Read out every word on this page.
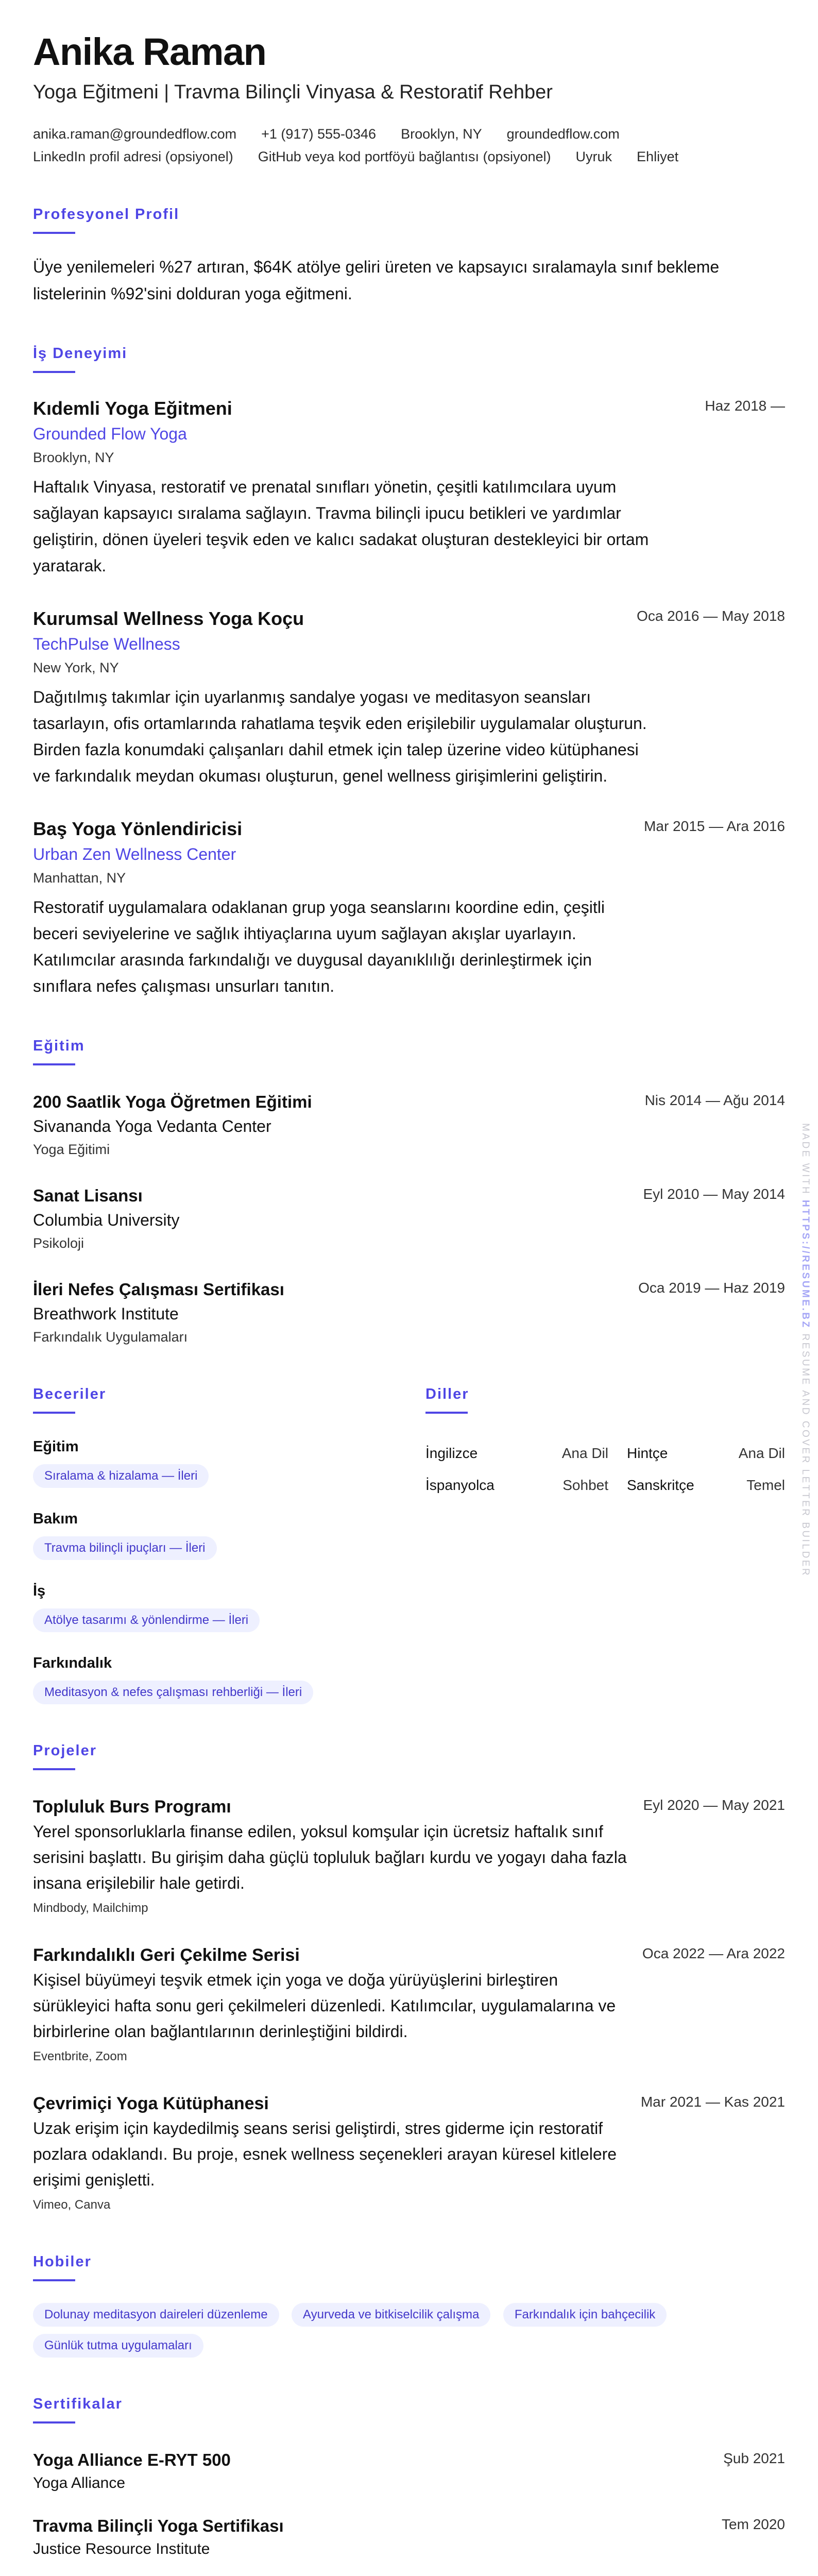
Anika Raman
Yoga Eğitmeni | Travma Bilinçli Vinyasa & Restoratif Rehber
anika.raman@groundedflow.com +1 (917) 555-0346 Brooklyn, NY groundedflow.com
LinkedIn profil adresi (opsiyonel) GitHub veya kod portföyü bağlantısı (opsiyonel) Uyruk Ehliyet
Profesyonel Profil
Üye yenilemeleri %27 artıran, $64K atölye geliri üreten ve kapsayıcı sıralamayla sınıf bekleme listelerinin %92'sini dolduran yoga eğitmeni.
İş Deneyimi
Kıdemli Yoga Eğitmeni	Haz 2018 —
Grounded Flow Yoga
Brooklyn, NY
Haftalık Vinyasa, restoratif ve prenatal sınıfları yönetin, çeşitli katılımcılara uyum sağlayan kapsayıcı sıralama sağlayın. Travma bilinçli ipucu betikleri ve yardımlar geliştirin, dönen üyeleri teşvik eden ve kalıcı sadakat oluşturan destekleyici bir ortam yaratarak.
Kurumsal Wellness Yoga Koçu	Oca 2016 — May 2018
TechPulse Wellness
New York, NY
Dağıtılmış takımlar için uyarlanmış sandalye yogası ve meditasyon seansları tasarlayın, ofis ortamlarında rahatlama teşvik eden erişilebilir uygulamalar oluşturun. Birden fazla konumdaki çalışanları dahil etmek için talep üzerine video kütüphanesi ve farkındalık meydan okuması oluşturun, genel wellness girişimlerini geliştirin.
Baş Yoga Yönlendiricisi	Mar 2015 — Ara 2016
Urban Zen Wellness Center
Manhattan, NY
Restoratif uygulamalara odaklanan grup yoga seanslarını koordine edin, çeşitli beceri seviyelerine ve sağlık ihtiyaçlarına uyum sağlayan akışlar uyarlayın. Katılımcılar arasında farkındalığı ve duygusal dayanıklılığı derinleştirmek için sınıflara nefes çalışması unsurları tanıtın.
Eğitim
200 Saatlik Yoga Öğretmen Eğitimi	Nis 2014 — Ağu 2014
Sivananda Yoga Vedanta Center
Yoga Eğitimi
Sanat Lisansı	Eyl 2010 — May 2014
Columbia University
Psikoloji
İleri Nefes Çalışması Sertifikası	Oca 2019 — Haz 2019
Breathwork Institute
Farkındalık Uygulamaları
Beceriler
Eğitim
Sıralama & hizalama — İleri
Bakım
Travma bilinçli ipuçları — İleri
İş
Atölye tasarımı & yönlendirme — İleri
Farkındalık
Meditasyon & nefes çalışması rehberliği — İleri
Diller
İngilizce	Ana Dil	Hintçe	Ana Dil
İspanyolca	Sohbet	Sanskritçe	Temel
Projeler
Topluluk Burs Programı	Eyl 2020 — May 2021
Yerel sponsorluklarla finanse edilen, yoksul komşular için ücretsiz haftalık sınıf serisini başlattı. Bu girişim daha güçlü topluluk bağları kurdu ve yogayı daha fazla insana erişilebilir hale getirdi.
Mindbody, Mailchimp
Farkındalıklı Geri Çekilme Serisi	Oca 2022 — Ara 2022
Kişisel büyümeyi teşvik etmek için yoga ve doğa yürüyüşlerini birleştiren sürükleyici hafta sonu geri çekilmeleri düzenledi. Katılımcılar, uygulamalarına ve birbirlerine olan bağlantılarının derinleştiğini bildirdi.
Eventbrite, Zoom
Çevrimiçi Yoga Kütüphanesi	Mar 2021 — Kas 2021
Uzak erişim için kaydedilmiş seans serisi geliştirdi, stres giderme için restoratif pozlara odaklandı. Bu proje, esnek wellness seçenekleri arayan küresel kitlelere erişimi genişletti.
Vimeo, Canva
Hobiler
Dolunay meditasyon daireleri düzenleme	Ayurveda ve bitkiselcilik çalışma	Farkındalık için bahçecilik Günlük tutma uygulamaları
Sertifikalar
Yoga Alliance E-RYT 500	Şub 2021
Yoga Alliance
Travma Bilinçli Yoga Sertifikası	Tem 2020
Justice Resource Institute
MADE WITH HTTPS://RESUME.BZ RESUME AND COVER LETTER BUILDER
